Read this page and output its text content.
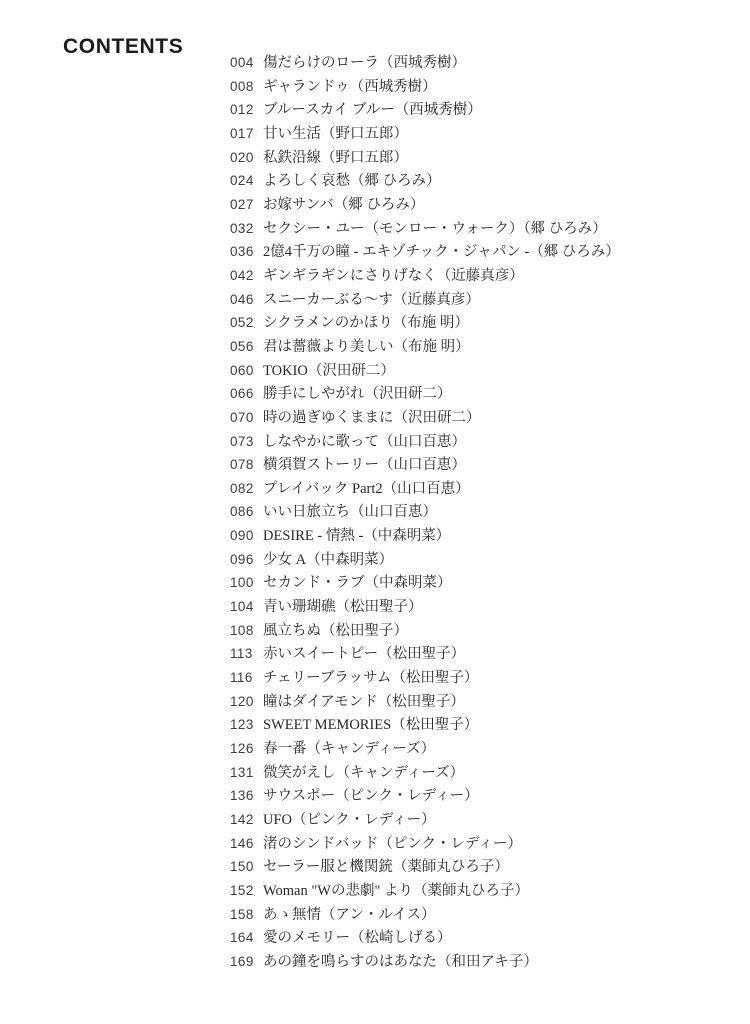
CONTENTS
004 傷だらけのローラ（西城秀樹）
008 ギャランドゥ（西城秀樹）
012 ブルースカイ ブルー（西城秀樹）
017 甘い生活（野口五郎）
020 私鉄沿線（野口五郎）
024 よろしく哀愁（郷 ひろみ）
027 お嫁サンバ（郷 ひろみ）
032 セクシー・ユー（モンロー・ウォーク）（郷 ひろみ）
036 2億4千万の瞳 - エキゾチック・ジャパン -（郷 ひろみ）
042 ギンギラギンにさりげなく（近藤真彦）
046 スニーカーぶる～す（近藤真彦）
052 シクラメンのかほり（布施 明）
056 君は薔薇より美しい（布施 明）
060 TOKIO（沢田研二）
066 勝手にしやがれ（沢田研二）
070 時の過ぎゆくままに（沢田研二）
073 しなやかに歌って（山口百恵）
078 横須賀ストーリー（山口百恵）
082 プレイバック Part2（山口百恵）
086 いい日旅立ち（山口百恵）
090 DESIRE - 情熱 -（中森明菜）
096 少女 A（中森明菜）
100 セカンド・ラブ（中森明菜）
104 青い珊瑚礁（松田聖子）
108 風立ちぬ（松田聖子）
113 赤いスイートピー（松田聖子）
116 チェリーブラッサム（松田聖子）
120 瞳はダイアモンド（松田聖子）
123 SWEET MEMORIES（松田聖子）
126 春一番（キャンディーズ）
131 微笑がえし（キャンディーズ）
136 サウスポー（ピンク・レディー）
142 UFO（ピンク・レディー）
146 渚のシンドバッド（ピンク・レディー）
150 セーラー服と機関銃（薬師丸ひろ子）
152 Woman "Wの悲劇" より（薬師丸ひろ子）
158 あゝ無情（アン・ルイス）
164 愛のメモリー（松崎しげる）
169 あの鐘を鳴らすのはあなた（和田アキ子）
